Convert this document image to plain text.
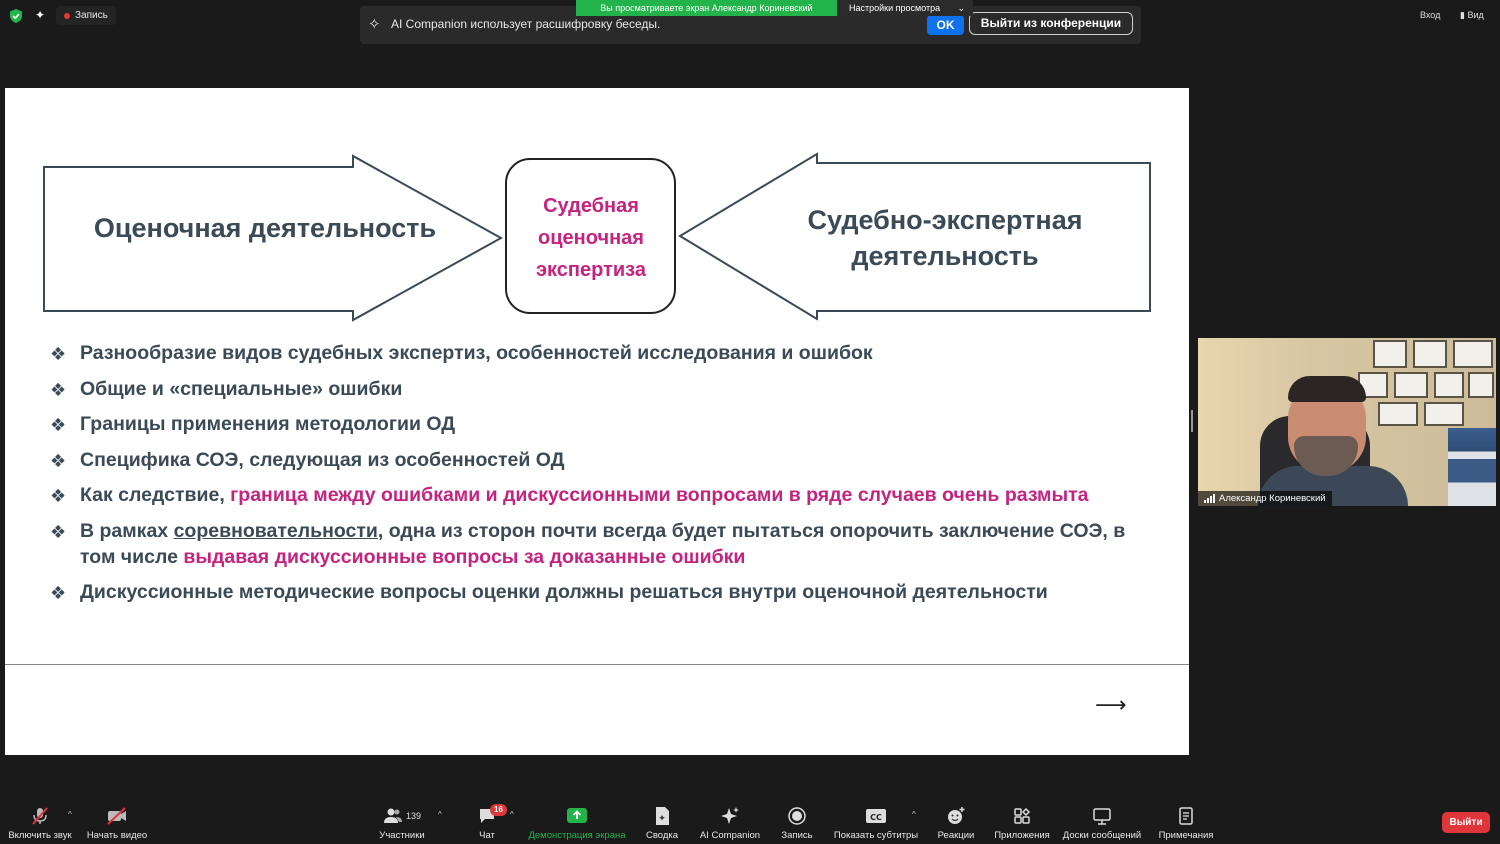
✦	Запись
✧ AI Companion использует расшифровку беседы.	OK	Выйти из конференции
Вы просматриваете экран Александр Кориневский	Настройки просмотра ⌄
Вход ▮ Вид
Оценочная деятельность
Судебная
оценочная
экспертиза
Судебно-экспертная
деятельность
❖ Разнообразие видов судебных экспертиз, особенностей исследования и ошибок
❖ Общие и «специальные» ошибки
❖ Границы применения методологии ОД
❖ Специфика СОЭ, следующая из особенностей ОД
❖ Как следствие, граница между ошибками и дискуссионными вопросами в ряде случаев очень размыта
❖ В рамках соревновательности, одна из сторон почти всегда будет пытаться опорочить заключение СОЭ, в том числе выдавая дискуссионные вопросы за доказанные ошибки
❖ Дискуссионные методические вопросы оценки должны решаться внутри оценочной деятельности
⟶
Александр Кориневский
Включить звук
^
Начать видео
139
Участники
^
16
Чат
^
Демонстрация экрана
✦
Сводка AI Companion	Запись
CC
Показать субтитры
^
Реакции	Приложения Доски сообщений Примечания
Выйти
